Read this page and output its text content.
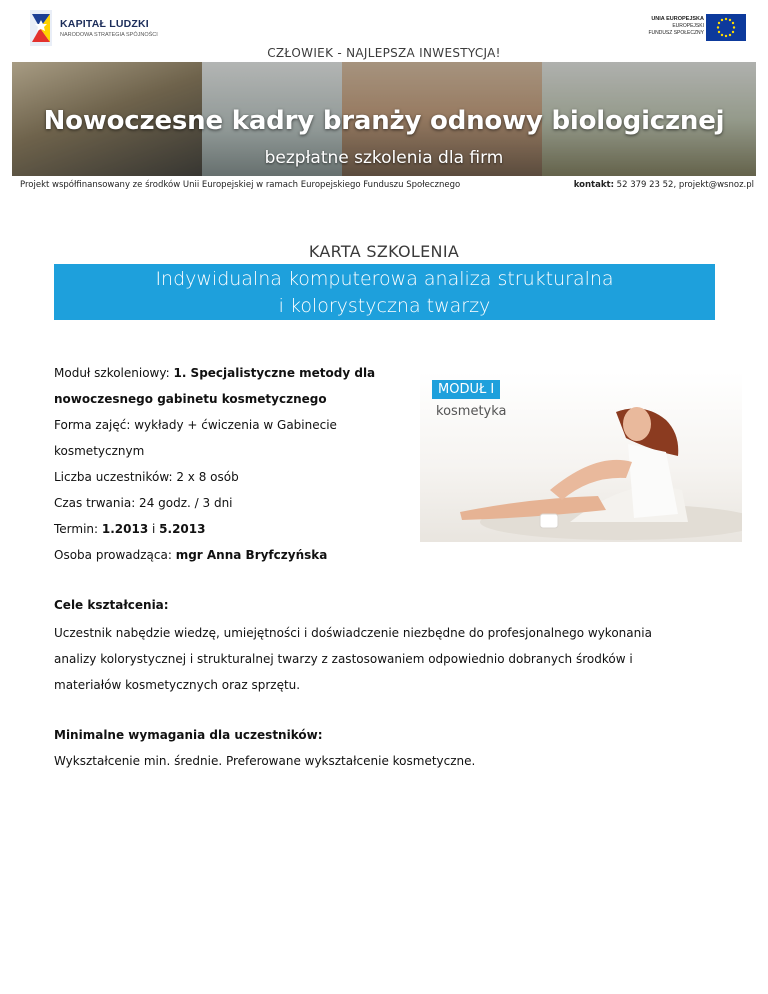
KAPITAŁ LUDZKI
NARODOWA STRATEGIA SPÓJNOŚCI
UNIA EUROPEJSKA
EUROPEJSKI
FUNDUSZ SPOŁECZNY
CZŁOWIEK - NAJLEPSZA INWESTYCJA!
Nowoczesne kadry branży odnowy biologicznej
bezpłatne szkolenia dla firm
Projekt współfinansowany ze środków Unii Europejskiej w ramach Europejskiego Funduszu Społecznego	kontakt: 52 379 23 52, projekt@wsnoz.pl
KARTA SZKOLENIA
Indywidualna komputerowa analiza strukturalna
i kolorystyczna twarzy
Moduł szkoleniowy: 1. Specjalistyczne metody dla
nowoczesnego gabinetu kosmetycznego
Forma zajęć: wykłady + ćwiczenia w Gabinecie
kosmetycznym
Liczba uczestników: 2 x 8 osób
Czas trwania: 24 godz. / 3 dni
Termin: 1.2013 i 5.2013
Osoba prowadząca: mgr Anna Bryfczyńska
MODUŁ I
kosmetyka
Cele kształcenia:
Uczestnik nabędzie wiedzę, umiejętności i doświadczenie niezbędne do profesjonalnego wykonania
analizy kolorystycznej i strukturalnej twarzy z zastosowaniem odpowiednio dobranych środków i
materiałów kosmetycznych oraz sprzętu.
Minimalne wymagania dla uczestników:
Wykształcenie min. średnie. Preferowane wykształcenie kosmetyczne.
